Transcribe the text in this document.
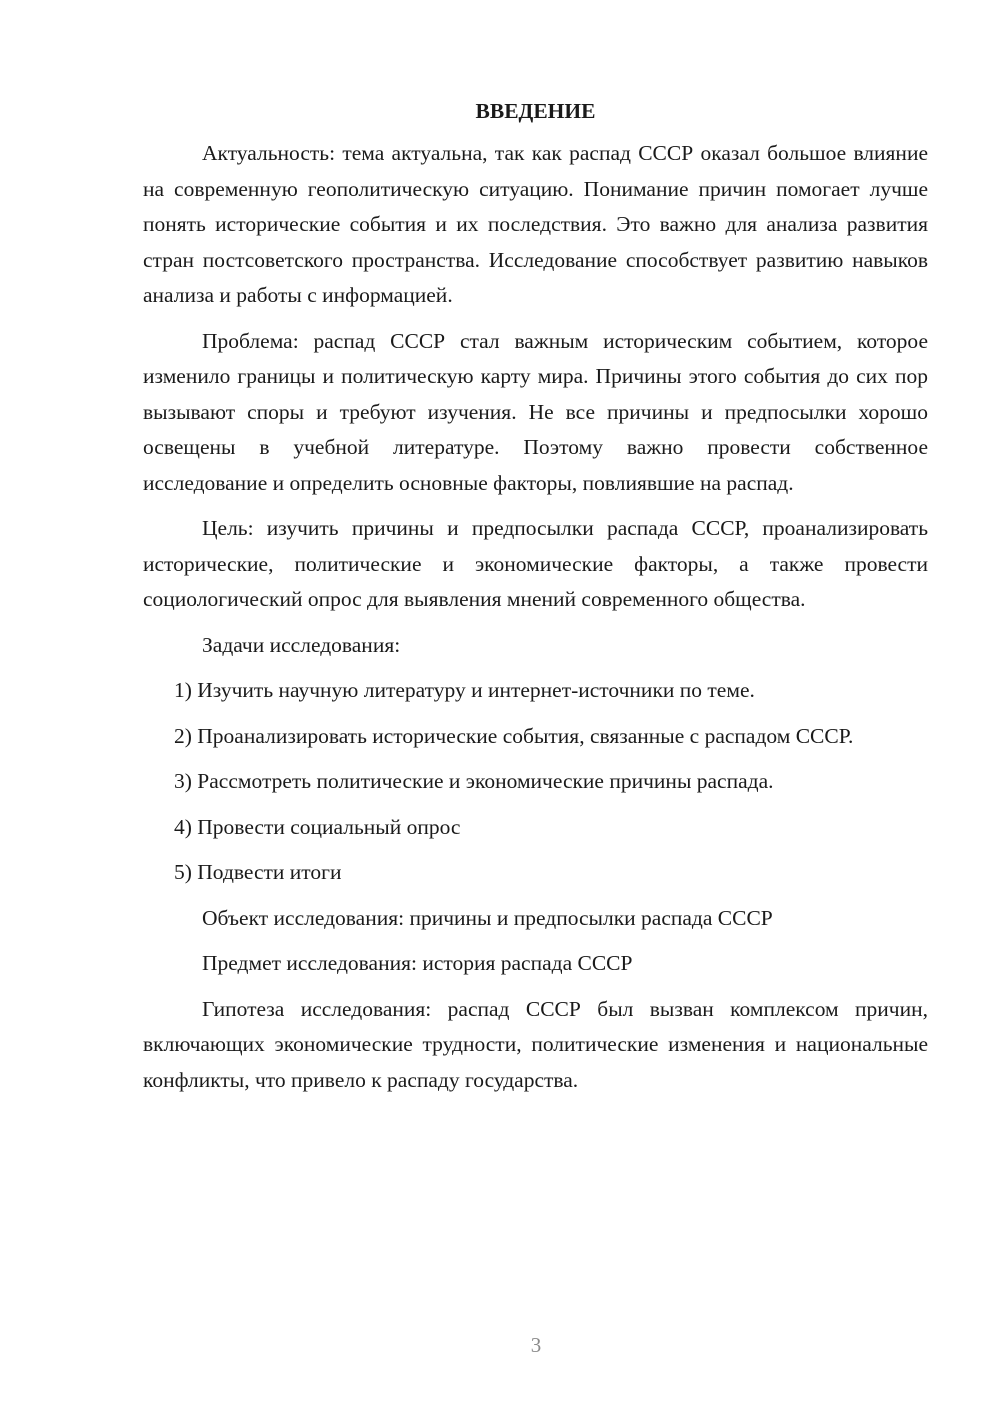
ВВЕДЕНИЕ

Актуальность: тема актуальна, так как распад СССР оказал большое влияние на современную геополитическую ситуацию. Понимание причин помогает лучше понять исторические события и их последствия. Это важно для анализа развития стран постсоветского пространства. Исследование способствует развитию навыков анализа и работы с информацией.

Проблема: распад СССР стал важным историческим событием, которое изменило границы и политическую карту мира. Причины этого события до сих пор вызывают споры и требуют изучения. Не все причины и предпосылки хорошо освещены в учебной литературе. Поэтому важно провести собственное исследование и определить основные факторы, повлиявшие на распад.

Цель: изучить причины и предпосылки распада СССР, проанализировать исторические, политические и экономические факторы, а также провести социологический опрос для выявления мнений современного общества.

Задачи исследования:

1) Изучить научную литературу и интернет-источники по теме.

2) Проанализировать исторические события, связанные с распадом СССР.

3) Рассмотреть политические и экономические причины распада.

4) Провести социальный опрос

5) Подвести итоги

Объект исследования: причины и предпосылки распада СССР

Предмет исследования: история распада СССР

Гипотеза исследования: распад СССР был вызван комплексом причин, включающих экономические трудности, политические изменения и национальные конфликты, что привело к распаду государства.

3
